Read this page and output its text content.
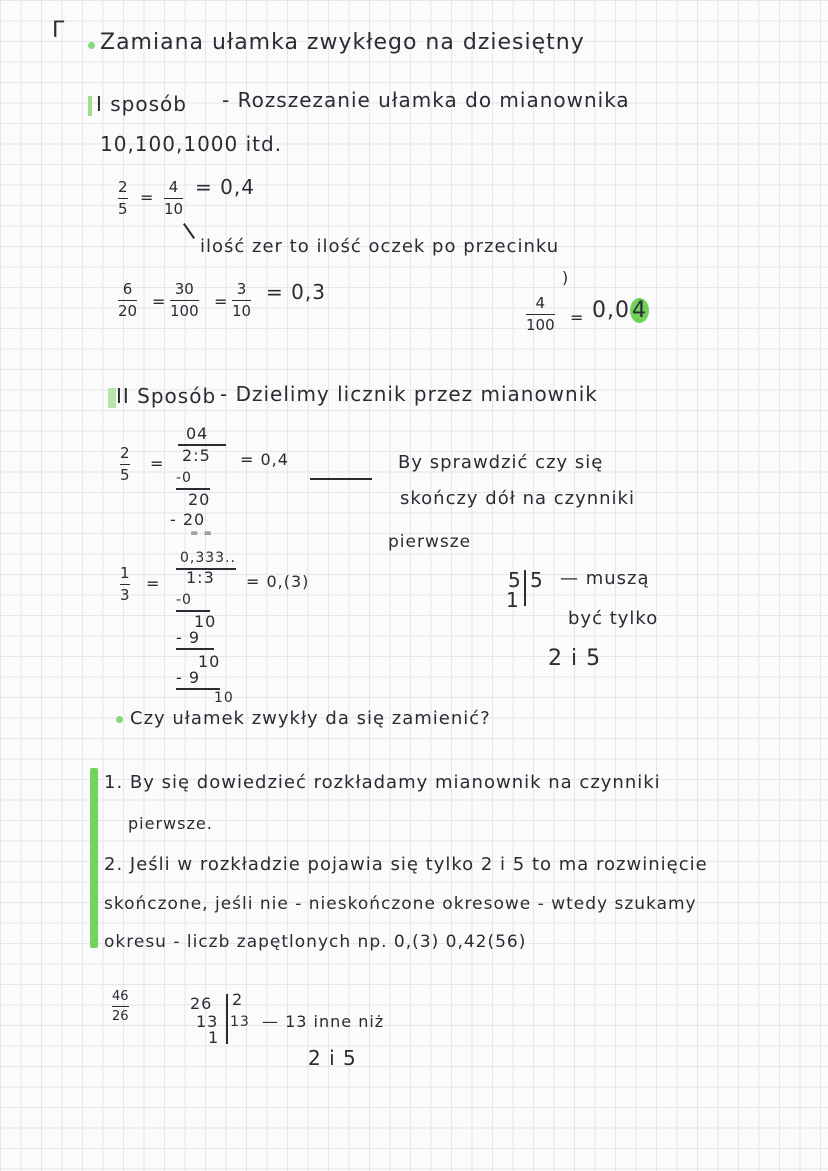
Γ Zamiana ułamka zwykłego na dziesiętny
I sposób - Rozszezanie ułamka do mianownika
10,100,1000 itd.
2
5
=
4
10
= 0,4
ilość zer to ilość oczek po przecinku
6
20 =
30
100 =
3
10
= 0,3
)
4
100 = 0,04
II Sposób - Dzielimy licznik przez mianownik
2
5
=
04
2:5 = 0,4
-0
20
- 20
= =
By sprawdzić czy się
skończy dół na czynniki
pierwsze
1
3
=
0,333..
1:3 = 0,(3)
-0
10
- 9
10
- 9
10
5 5
1
— muszą
być tylko
2 i 5
Czy ułamek zwykły da się zamienić?
1. By się dowiedzieć rozkładamy mianownik na czynniki
pierwsze.
2. Jeśli w rozkładzie pojawia się tylko 2 i 5 to ma rozwinięcie
skończone, jeśli nie - nieskończone okresowe - wtedy szukamy
okresu - liczb zapętlonych np. 0,(3) 0,42(56)
46
26
26 2
13 13
1
— 13 inne niż
2 i 5
